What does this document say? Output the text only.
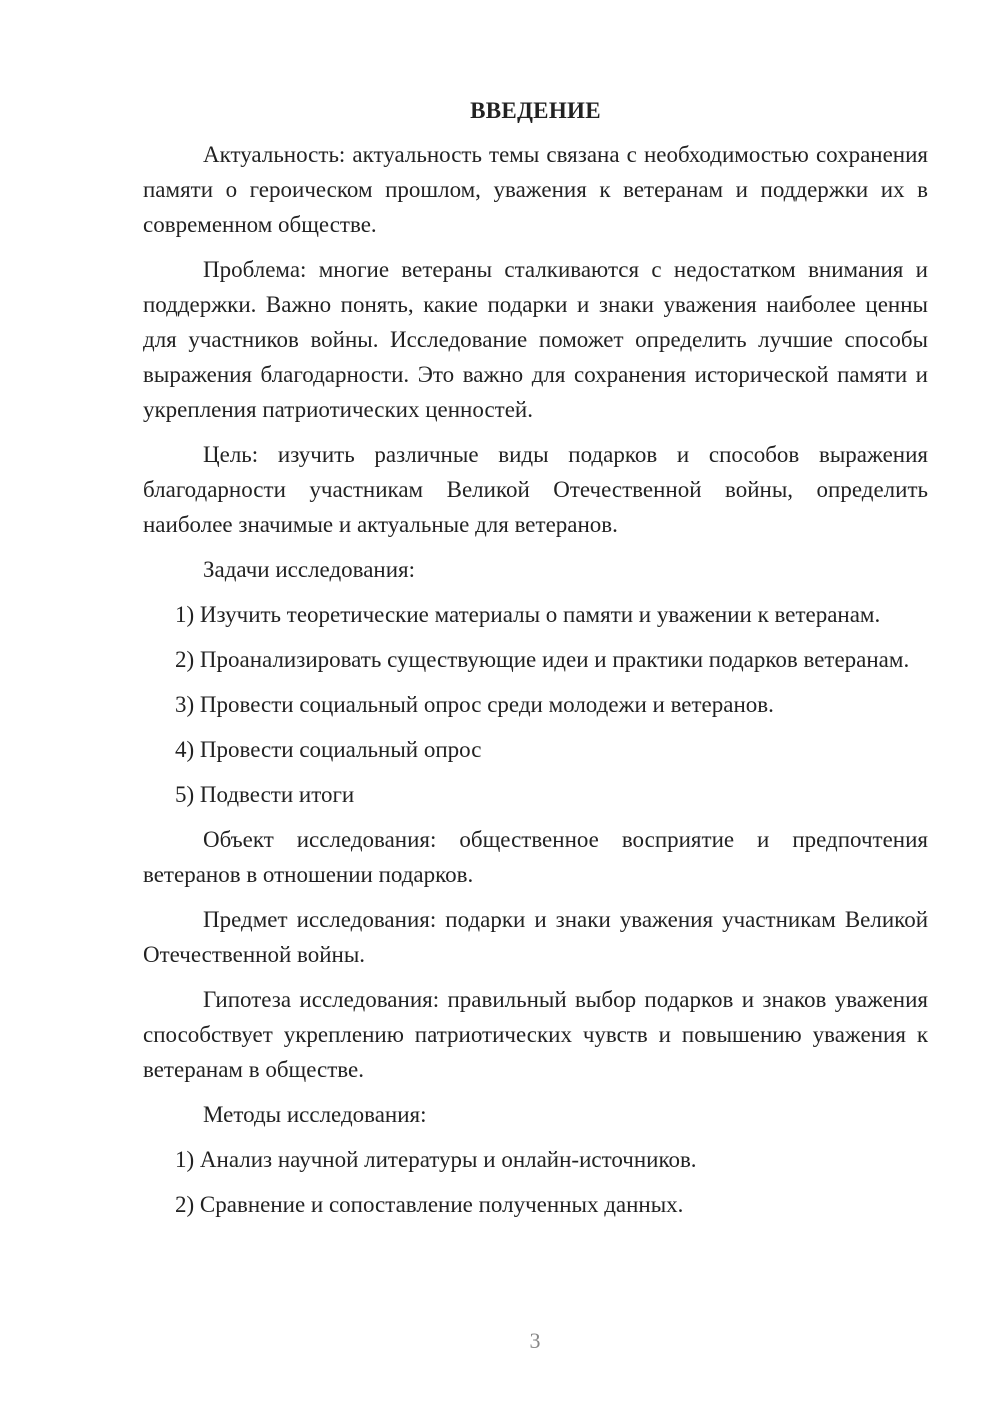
ВВЕДЕНИЕ

Актуальность: актуальность темы связана с необходимостью сохранения памяти о героическом прошлом, уважения к ветеранам и поддержки их в современном обществе.

Проблема: многие ветераны сталкиваются с недостатком внимания и поддержки. Важно понять, какие подарки и знаки уважения наиболее ценны для участников войны. Исследование поможет определить лучшие способы выражения благодарности. Это важно для сохранения исторической памяти и укрепления патриотических ценностей.

Цель: изучить различные виды подарков и способов выражения благодарности участникам Великой Отечественной войны, определить наиболее значимые и актуальные для ветеранов.

Задачи исследования:

1) Изучить теоретические материалы о памяти и уважении к ветеранам.

2) Проанализировать существующие идеи и практики подарков ветеранам.

3) Провести социальный опрос среди молодежи и ветеранов.

4) Провести социальный опрос

5) Подвести итоги

Объект исследования: общественное восприятие и предпочтения ветеранов в отношении подарков.

Предмет исследования: подарки и знаки уважения участникам Великой Отечественной войны.

Гипотеза исследования: правильный выбор подарков и знаков уважения способствует укреплению патриотических чувств и повышению уважения к ветеранам в обществе.

Методы исследования:

1) Анализ научной литературы и онлайн-источников.

2) Сравнение и сопоставление полученных данных.

3
